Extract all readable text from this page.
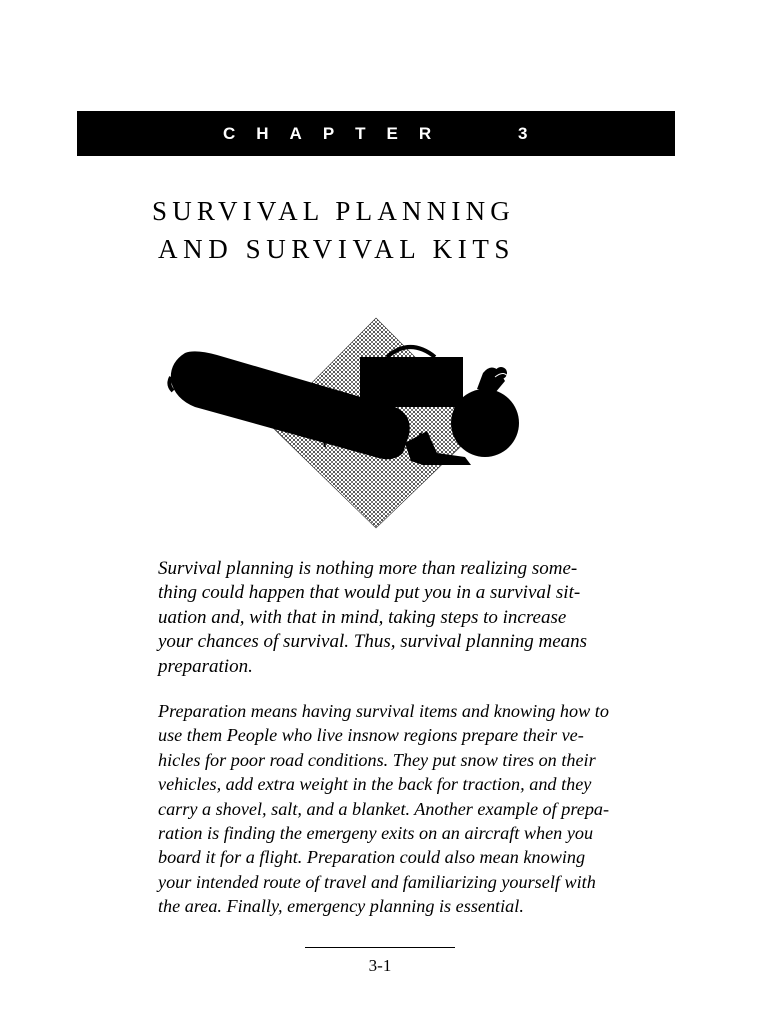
CHAPTER	3
SURVIVAL PLANNING
AND SURVIVAL KITS

Survival planning is nothing more than realizing some-
thing could happen that would put you in a survival sit-
uation and, with that in mind, taking steps to increase
your chances of survival. Thus, survival planning means
preparation.

Preparation means having survival items and knowing how to
use them People who live insnow regions prepare their ve-
hicles for poor road conditions. They put snow tires on their
vehicles, add extra weight in the back for traction, and they
carry a shovel, salt, and a blanket. Another example of prepa-
ration is finding the emergeny exits on an aircraft when you
board it for a flight. Preparation could also mean knowing
your intended route of travel and familiarizing yourself with
the area. Finally, emergency planning is essential.

3-1
